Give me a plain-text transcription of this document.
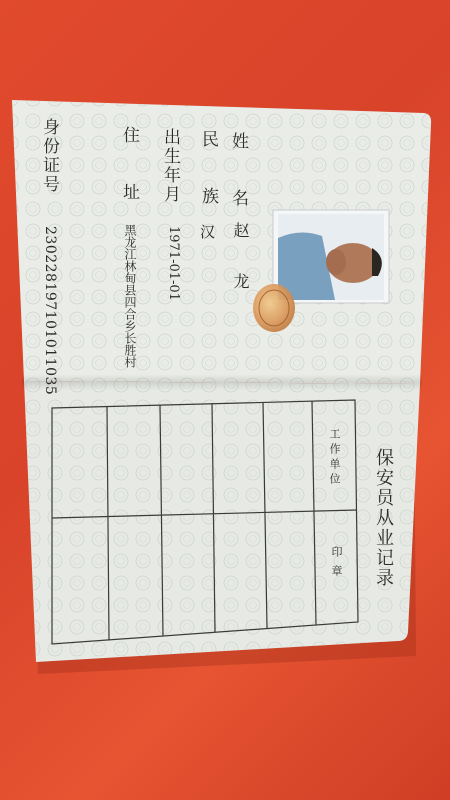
姓 名
民 族
出生年月
住 址
身份证号
赵 龙
汉
1971-01-01
黑龙江林甸县四合乡长胜村
230228197101011035
保安员从业记录
工作单位
印章
